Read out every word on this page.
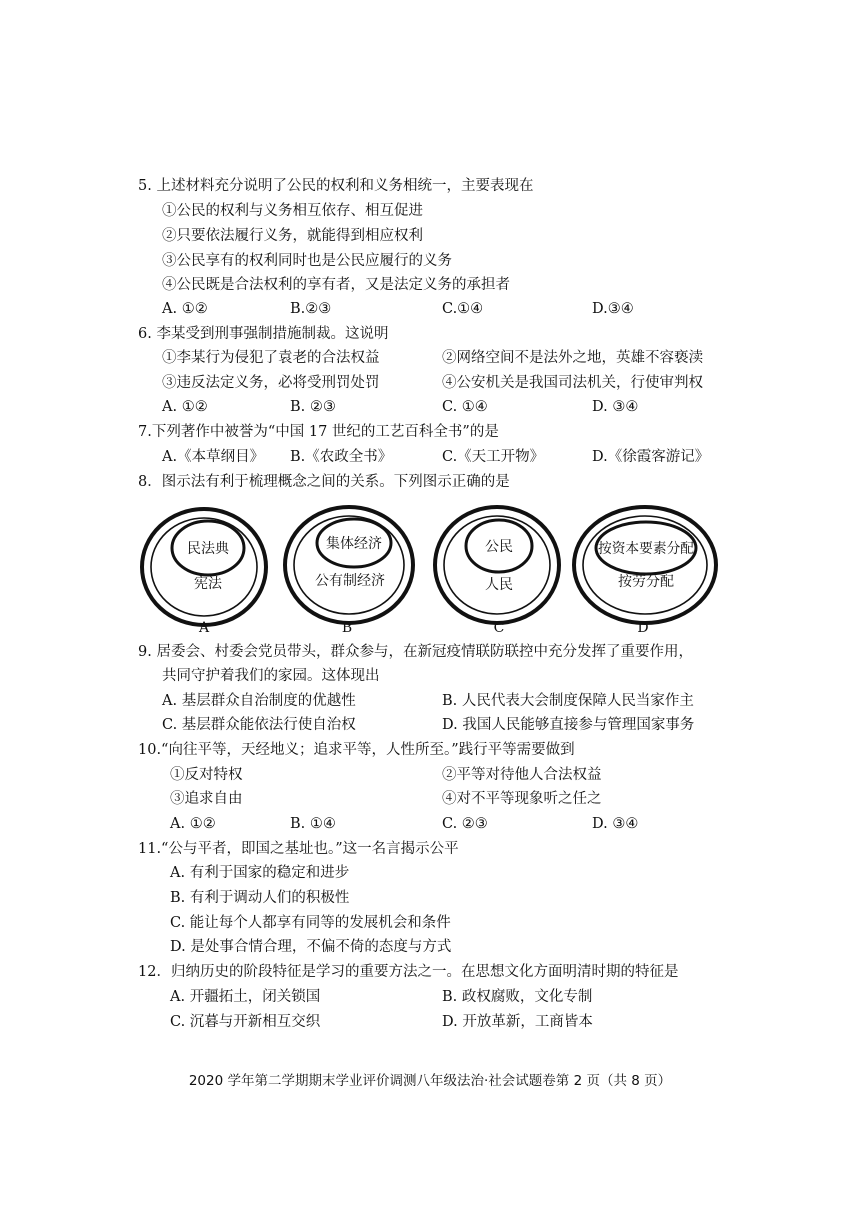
5. 上述材料充分说明了公民的权利和义务相统一，主要表现在
①公民的权利与义务相互依存、相互促进
②只要依法履行义务，就能得到相应权利
③公民享有的权利同时也是公民应履行的义务
④公民既是合法权利的享有者，又是法定义务的承担者
A. ①②	B.②③	C.①④	D.③④
6. 李某受到刑事强制措施制裁。这说明
①李某行为侵犯了袁老的合法权益	②网络空间不是法外之地，英雄不容亵渎
③违反法定义务，必将受刑罚处罚	④公安机关是我国司法机关，行使审判权
A. ①②	B. ②③	C. ①④	D. ③④
7.下列著作中被誉为“中国 17 世纪的工艺百科全书”的是
A.《本草纲目》 B.《农政全书》	C.《天工开物》	D.《徐霞客游记》
8．图示法有利于梳理概念之间的关系。下列图示正确的是
民法典
宪法
A
集体经济
公有制经济
B
公民
人民
C
按资本要素分配
按劳分配
D
9. 居委会、村委会党员带头，群众参与，在新冠疫情联防联控中充分发挥了重要作用，
共同守护着我们的家园。这体现出
A. 基层群众自治制度的优越性	B. 人民代表大会制度保障人民当家作主
C. 基层群众能依法行使自治权	D. 我国人民能够直接参与管理国家事务
10.“向往平等，天经地义；追求平等，人性所至。”践行平等需要做到
①反对特权	②平等对待他人合法权益
③追求自由	④对不平等现象听之任之
A. ①②	B. ①④	C. ②③	D. ③④
11.“公与平者，即国之基址也。”这一名言揭示公平
A. 有利于国家的稳定和进步
B. 有利于调动人们的积极性
C. 能让每个人都享有同等的发展机会和条件
D. 是处事合情合理，不偏不倚的态度与方式
12．归纳历史的阶段特征是学习的重要方法之一。在思想文化方面明清时期的特征是
A. 开疆拓土，闭关锁国	B. 政权腐败，文化专制
C. 沉暮与开新相互交织	D. 开放革新，工商皆本
2020 学年第二学期期末学业评价调测八年级法治·社会试题卷第 2 页（共 8 页）
